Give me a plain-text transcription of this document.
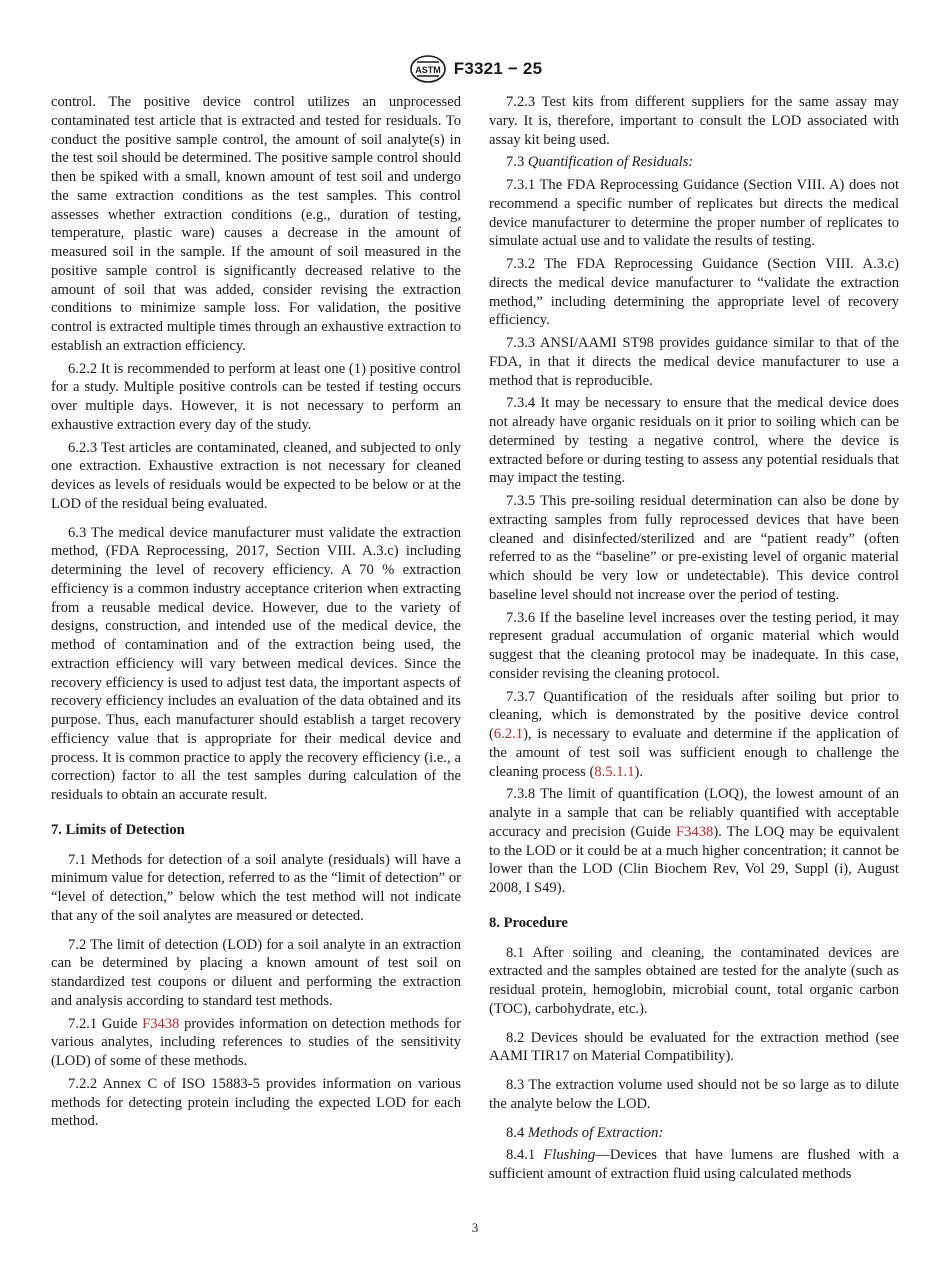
ASTM F3321 − 25

control. The positive device control utilizes an unprocessed contaminated test article that is extracted and tested for residuals. To conduct the positive sample control, the amount of soil analyte(s) in the test soil should be determined. The positive sample control should then be spiked with a small, known amount of test soil and undergo the same extraction conditions as the test samples. This control assesses whether extraction conditions (e.g., duration of testing, temperature, plastic ware) causes a decrease in the amount of measured soil in the sample. If the amount of soil measured in the positive sample control is significantly decreased relative to the amount of soil that was added, consider revising the extraction conditions to minimize sample loss. For validation, the positive control is extracted multiple times through an exhaustive extraction to establish an extraction efficiency.

6.2.2 It is recommended to perform at least one (1) positive control for a study. Multiple positive controls can be tested if testing occurs over multiple days. However, it is not necessary to perform an exhaustive extraction every day of the study.

6.2.3 Test articles are contaminated, cleaned, and subjected to only one extraction. Exhaustive extraction is not necessary for cleaned devices as levels of residuals would be expected to be below or at the LOD of the residual being evaluated.

6.3 The medical device manufacturer must validate the extraction method, (FDA Reprocessing, 2017, Section VIII. A.3.c) including determining the level of recovery efficiency. A 70 % extraction efficiency is a common industry acceptance criterion when extracting from a reusable medical device. However, due to the variety of designs, construction, and intended use of the medical device, the method of contamination and of the extraction being used, the extraction efficiency will vary between medical devices. Since the recovery efficiency is used to adjust test data, the important aspects of recovery efficiency includes an evaluation of the data obtained and its purpose. Thus, each manufacturer should establish a target recovery efficiency value that is appropriate for their medical device and process. It is common practice to apply the recovery efficiency (i.e., a correction) factor to all the test samples during calculation of the residuals to obtain an accurate result.

7. Limits of Detection

7.1 Methods for detection of a soil analyte (residuals) will have a minimum value for detection, referred to as the “limit of detection” or “level of detection,” below which the test method will not indicate that any of the soil analytes are measured or detected.

7.2 The limit of detection (LOD) for a soil analyte in an extraction can be determined by placing a known amount of test soil on standardized test coupons or diluent and performing the extraction and analysis according to standard test methods.

7.2.1 Guide F3438 provides information on detection methods for various analytes, including references to studies of the sensitivity (LOD) of some of these methods.

7.2.2 Annex C of ISO 15883-5 provides information on various methods for detecting protein including the expected LOD for each method.

7.2.3 Test kits from different suppliers for the same assay may vary. It is, therefore, important to consult the LOD associated with assay kit being used.

7.3 Quantification of Residuals:

7.3.1 The FDA Reprocessing Guidance (Section VIII. A) does not recommend a specific number of replicates but directs the medical device manufacturer to determine the proper number of replicates to simulate actual use and to validate the results of testing.

7.3.2 The FDA Reprocessing Guidance (Section VIII. A.3.c) directs the medical device manufacturer to “validate the extraction method,” including determining the appropriate level of recovery efficiency.

7.3.3 ANSI/AAMI ST98 provides guidance similar to that of the FDA, in that it directs the medical device manufacturer to use a method that is reproducible.

7.3.4 It may be necessary to ensure that the medical device does not already have organic residuals on it prior to soiling which can be determined by testing a negative control, where the device is extracted before or during testing to assess any potential residuals that may impact the testing.

7.3.5 This pre-soiling residual determination can also be done by extracting samples from fully reprocessed devices that have been cleaned and disinfected/sterilized and are “patient ready” (often referred to as the “baseline” or pre-existing level of organic material which should be very low or undetectable). This device control baseline level should not increase over the period of testing.

7.3.6 If the baseline level increases over the testing period, it may represent gradual accumulation of organic material which would suggest that the cleaning protocol may be inadequate. In this case, consider revising the cleaning protocol.

7.3.7 Quantification of the residuals after soiling but prior to cleaning, which is demonstrated by the positive device control (6.2.1), is necessary to evaluate and determine if the application of the amount of test soil was sufficient enough to challenge the cleaning process (8.5.1.1).

7.3.8 The limit of quantification (LOQ), the lowest amount of an analyte in a sample that can be reliably quantified with acceptable accuracy and precision (Guide F3438). The LOQ may be equivalent to the LOD or it could be at a much higher concentration; it cannot be lower than the LOD (Clin Biochem Rev, Vol 29, Suppl (i), August 2008, I S49).

8. Procedure

8.1 After soiling and cleaning, the contaminated devices are extracted and the samples obtained are tested for the analyte (such as residual protein, hemoglobin, microbial count, total organic carbon (TOC), carbohydrate, etc.).

8.2 Devices should be evaluated for the extraction method (see AAMI TIR17 on Material Compatibility).

8.3 The extraction volume used should not be so large as to dilute the analyte below the LOD.

8.4 Methods of Extraction:

8.4.1 Flushing—Devices that have lumens are flushed with a sufficient amount of extraction fluid using calculated methods

3
